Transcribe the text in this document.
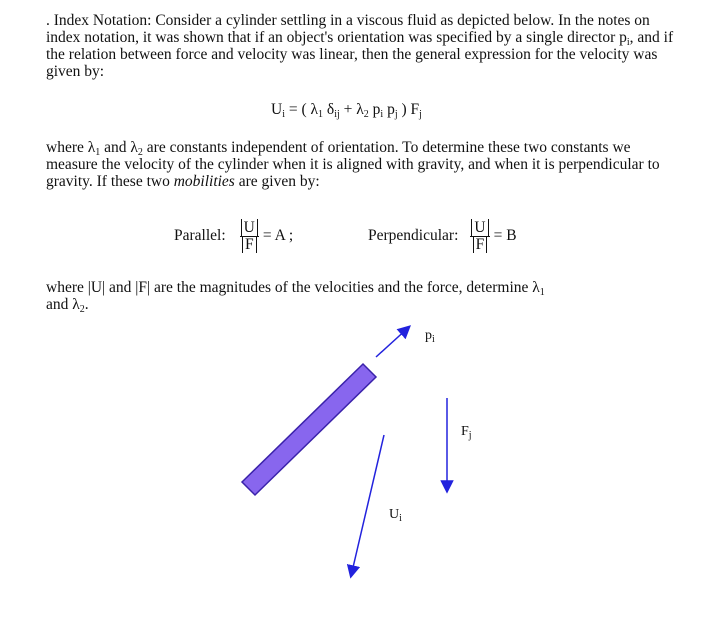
. Index Notation: Consider a cylinder settling in a viscous fluid as depicted below. In the notes on index notation, it was shown that if an object's orientation was specified by a single director $p_i$, and if the relation between force and velocity was linear, then the general expression for the velocity was given by:

$U_i$ = ( $\lambda_1$ $\delta_{ij} + \lambda_2$ $p_i$ $p_j$ ) $F_j$

where $\lambda_1$ and $\lambda_2$ are constants independent of orientation. To determine these two constants we measure the velocity of the cylinder when it is aligned with gravity, and when it is perpendicular to gravity. If these two mobilities are given by:

Parallel: $\frac{U}{F} = A$ ;	Perpendicular: $\frac{U}{F} = B$

where |U| and |F| are the magnitudes of the velocities and the force, determine $\lambda_1$
and $\lambda_2$.

$p_i$
$F_j$
$U_i$
